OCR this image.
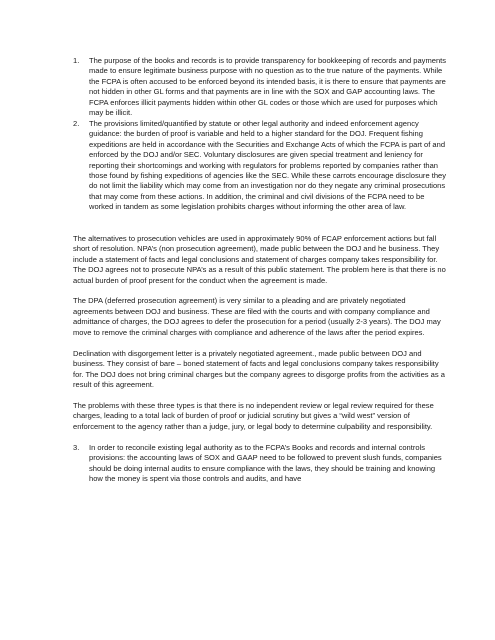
1. The purpose of the books and records is to provide transparency for bookkeeping of records and payments made to ensure legitimate business purpose with no question as to the true nature of the payments. While the FCPA is often accused to be enforced beyond its intended basis, it is there to ensure that payments are not hidden in other GL forms and that payments are in line with the SOX and GAP accounting laws. The FCPA enforces illicit payments hidden within other GL codes or those which are used for purposes which may be illicit.
2. The provisions limited/quantified by statute or other legal authority and indeed enforcement agency guidance: the burden of proof is variable and held to a higher standard for the DOJ. Frequent fishing expeditions are held in accordance with the Securities and Exchange Acts of which the FCPA is part of and enforced by the DOJ and/or SEC. Voluntary disclosures are given special treatment and leniency for reporting their shortcomings and working with regulators for problems reported by companies rather than those found by fishing expeditions of agencies like the SEC. While these carrots encourage disclosure they do not limit the liability which may come from an investigation nor do they negate any criminal prosecutions that may come from these actions. In addition, the criminal and civil divisions of the FCPA need to be worked in tandem as some legislation prohibits charges without informing the other area of law.

The alternatives to prosecution vehicles are used in approximately 90% of FCAP enforcement actions but fall short of resolution. NPA’s (non prosecution agreement), made public between the DOJ and he business. They include a statement of facts and legal conclusions and statement of charges company takes responsibility for. The DOJ agrees not to prosecute NPA’s as a result of this public statement. The problem here is that there is no actual burden of proof present for the conduct when the agreement is made.

The DPA (deferred prosecution agreement) is very similar to a pleading and are privately negotiated agreements between DOJ and business. These are filed with the courts and with company compliance and admittance of charges, the DOJ agrees to defer the prosecution for a period (usually 2-3 years). The DOJ may move to remove the criminal charges with compliance and adherence of the laws after the period expires.

Declination with disgorgement letter is a privately negotiated agreement., made public between DOJ and business. They consist of bare – boned statement of facts and legal conclusions company takes responsibility for. The DOJ does not bring criminal charges but the company agrees to disgorge profits from the activities as a result of this agreement.

The problems with these three types is that there is no independent review or legal review required for these charges, leading to a total lack of burden of proof or judicial scrutiny but gives a “wild west” version of enforcement to the agency rather than a judge, jury, or legal body to determine culpability and responsibility.

3. In order to reconcile existing legal authority as to the FCPA’s Books and records and internal controls provisions: the accounting laws of SOX and GAAP need to be followed to prevent slush funds, companies should be doing internal audits to ensure compliance with the laws, they should be training and knowing how the money is spent via those controls and audits, and have
